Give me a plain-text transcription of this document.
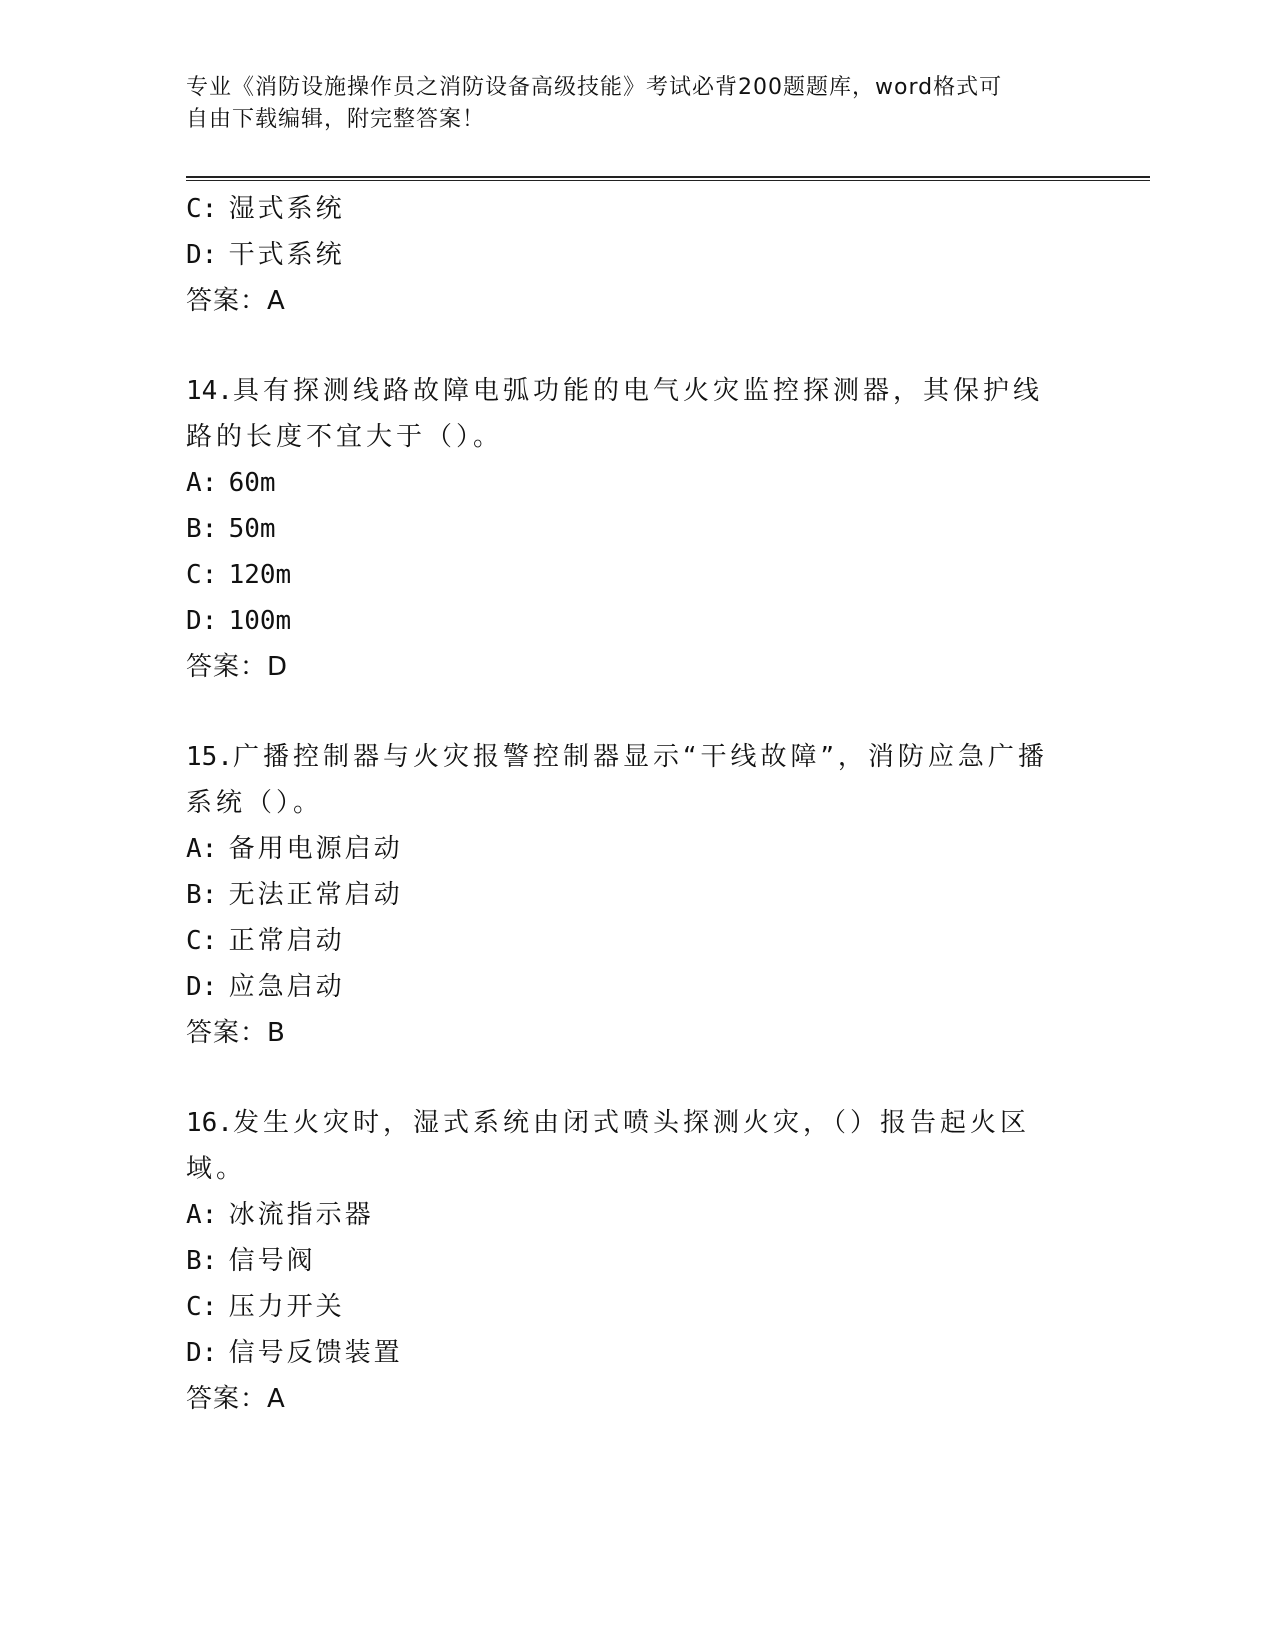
专业《消防设施操作员之消防设备高级技能》考试必背200题题库，word格式可
自由下载编辑，附完整答案！
C: 湿式系统
D: 干式系统
答案：A
14.具有探测线路故障电弧功能的电气火灾监控探测器，其保护线路的长度不宜大于（）。
A: 60m
B: 50m
C: 120m
D: 100m
答案：D
15.广播控制器与火灾报警控制器显示“干线故障”，消防应急广播系统（）。
A: 备用电源启动
B: 无法正常启动
C: 正常启动
D: 应急启动
答案：B
16.发生火灾时，湿式系统由闭式喷头探测火灾，（）报告起火区域。
A: 冰流指示器
B: 信号阀
C: 压力开关
D: 信号反馈装置
答案：A
